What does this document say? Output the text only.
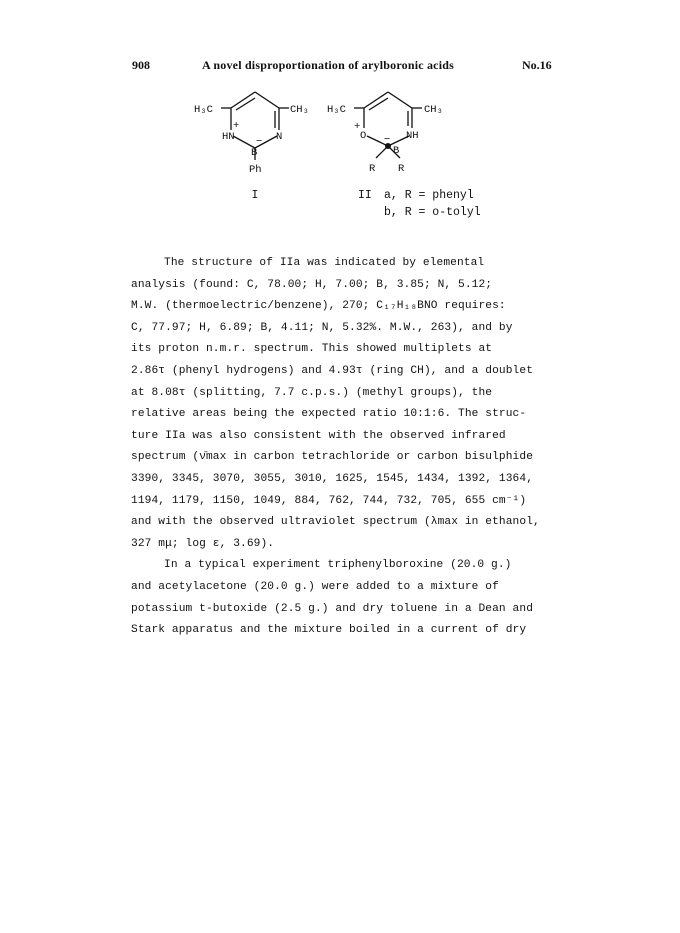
908	A novel disproportionation of arylboronic acids	No.16
H₃C	CH₃
HN	N
+
−
B
Ph
I
H₃C	CH₃
O
+
NH
−
B
R R
II a, R = phenyl
b, R = o-tolyl
The structure of IIa was indicated by elemental
analysis (found: C, 78.00; H, 7.00; B, 3.85; N, 5.12;
M.W. (thermoelectric/benzene), 270; C₁₇H₁₈BNO requires:
C, 77.97; H, 6.89; B, 4.11; N, 5.32%. M.W., 263), and by
its proton n.m.r. spectrum. This showed multiplets at
2.86τ (phenyl hydrogens) and 4.93τ (ring CH), and a doublet
at 8.08τ (splitting, 7.7 c.p.s.) (methyl groups), the
relative areas being the expected ratio 10:1:6. The struc-
ture IIa was also consistent with the observed infrared
spectrum (ν̄max in carbon tetrachloride or carbon bisulphide
3390, 3345, 3070, 3055, 3010, 1625, 1545, 1434, 1392, 1364,
1194, 1179, 1150, 1049, 884, 762, 744, 732, 705, 655 cm⁻¹)
and with the observed ultraviolet spectrum (λmax in ethanol,
327 mμ; log ε, 3.69).
In a typical experiment triphenylboroxine (20.0 g.)
and acetylacetone (20.0 g.) were added to a mixture of
potassium t-butoxide (2.5 g.) and dry toluene in a Dean and
Stark apparatus and the mixture boiled in a current of dry
